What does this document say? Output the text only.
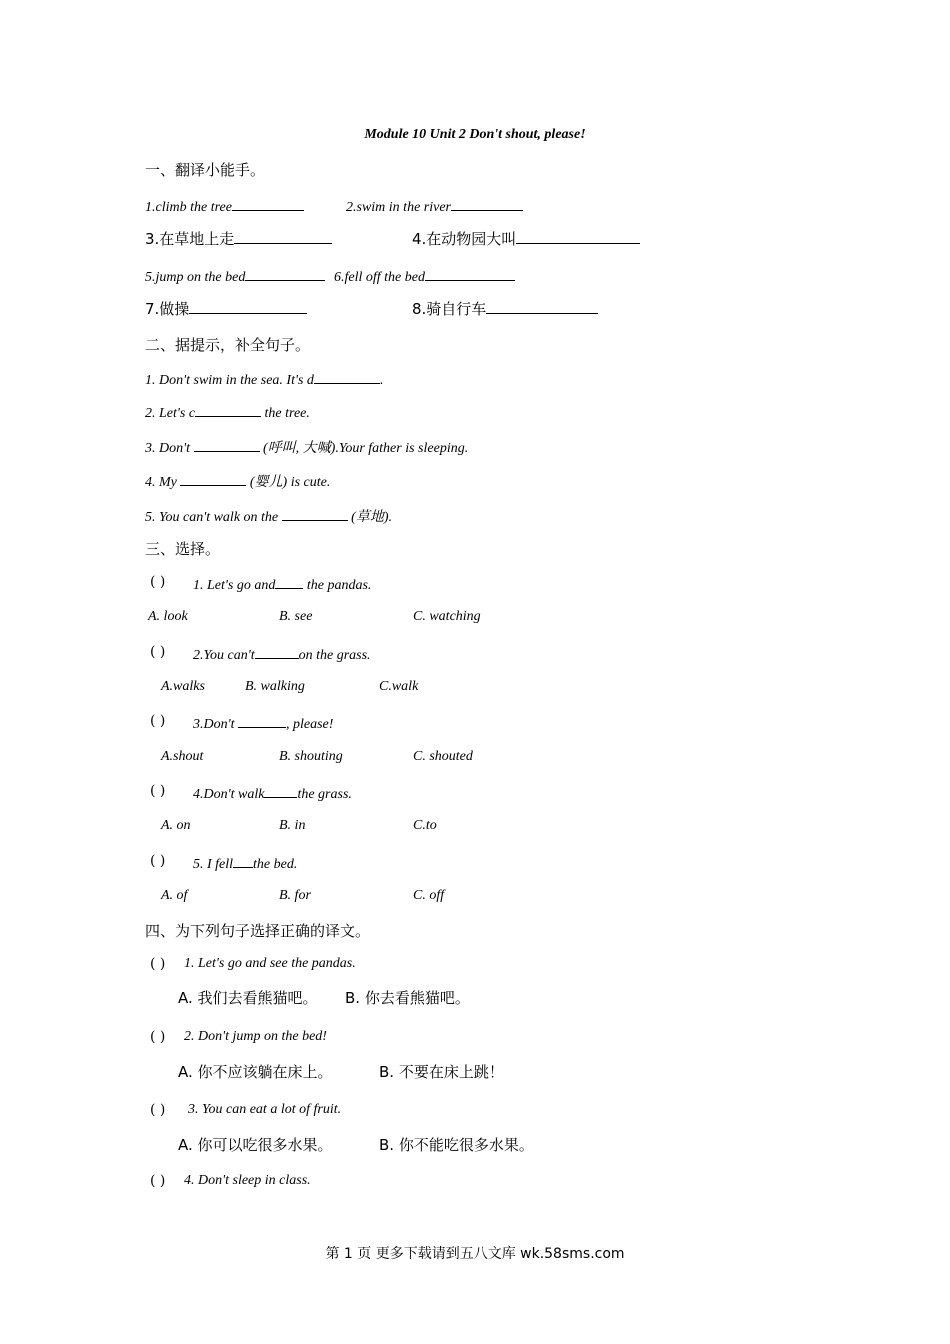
Module 10 Unit 2 Don't shout, please!
一、翻译小能手。
1.climb the tree	2.swim in the river
3.在草地上走	4.在动物园大叫
5.jump on the bed	6.fell off the bed
7.做操	8.骑自行车
二、据提示，补全句子。
1. Don't swim in the sea. It's d	.
2. Let's c	the tree.
3. Don't	(呼叫, 大喊).Your father is sleeping.
4. My	(婴儿) is cute.
5. You can't walk on the	(草地).
三、选择。
( ) 1. Let's go and the pandas.
A. look	B. see	C. watching
( ) 2.You can't	on the grass.
A.walks	B. walking	C.walk
( ) 3.Don't	, please!
A.shout	B. shouting	C. shouted
( ) 4.Don't walk the grass.
A. on	B. in	C.to
( ) 5. I fell the bed.
A. of	B. for	C. off
四、为下列句子选择正确的译文。
( ) 1. Let's go and see the pandas.
A. 我们去看熊猫吧。 B. 你去看熊猫吧。
( ) 2. Don't jump on the bed!
A. 你不应该躺在床上。	B. 不要在床上跳！
( ) 3. You can eat a lot of fruit.
A. 你可以吃很多水果。	B. 你不能吃很多水果。
( ) 4. Don't sleep in class.
第 1 页 更多下载请到五八文库 wk.58sms.com
